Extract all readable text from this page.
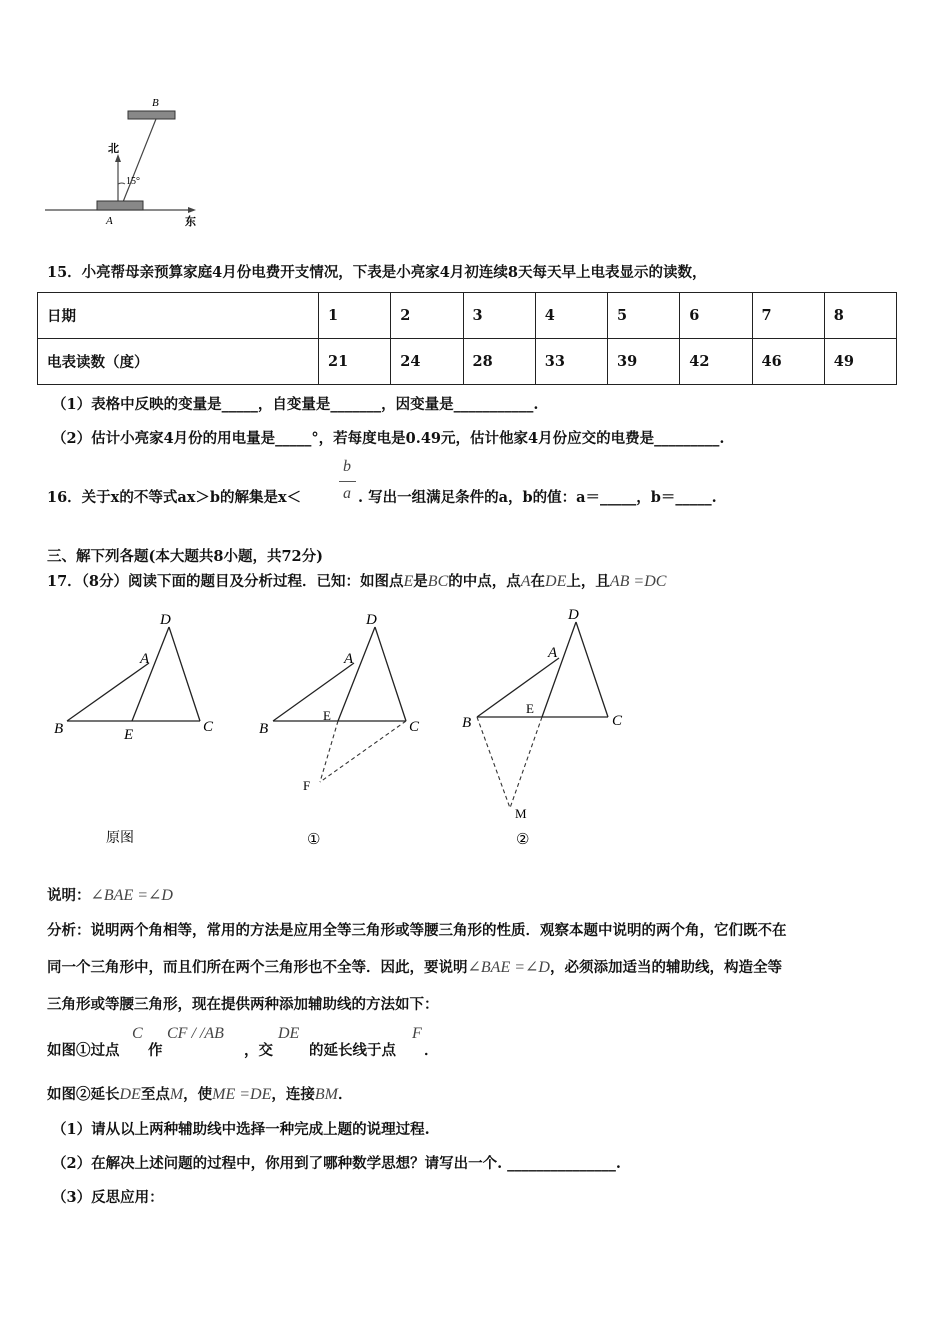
B
北
15°
东
A
15．小亮帮母亲预算家庭4月份电费开支情况，下表是小亮家4月初连续8天每天早上电表显示的读数，
日期	1	2	3	4	5	6	7	8
电表读数（度）	21	24	28	33	39	42	46	49
（1）表格中反映的变量是_____，自变量是_______，因变量是___________.
（2）估计小亮家4月份的用电量是_____°，若每度电是0.49元，估计他家4月份应交的电费是_________.
16．关于x的不等式ax＞b的解集是x＜
b
a . 写出一组满足条件的a，b的值：a＝_____，b＝_____.
三、解下列各题(本大题共8小题，共72分)
17．（8分）阅读下面的题目及分析过程．已知：如图点E是BC的中点，点A在DE上，且AB =DC
D
A
B	E	C
原图
D
A
B
E
C
F
①
D
A
B
E
C
M
②
说明：∠BAE =∠D
分析：说明两个角相等，常用的方法是应用全等三角形或等腰三角形的性质．观察本题中说明的两个角，它们既不在
同一个三角形中，而且们所在两个三角形也不全等．因此，要说明∠BAE =∠D，必须添加适当的辅助线，构造全等
三角形或等腰三角形，现在提供两种添加辅助线的方法如下：
如图①过点
C
作
CF / /AB
，交
DE
的延长线于点
F
．
如图②延长DE至点M，使ME =DE，连接BM．
（1）请从以上两种辅助线中选择一种完成上题的说理过程.
（2）在解决上述问题的过程中，你用到了哪种数学思想？请写出一个. _______________.
（3）反思应用：
